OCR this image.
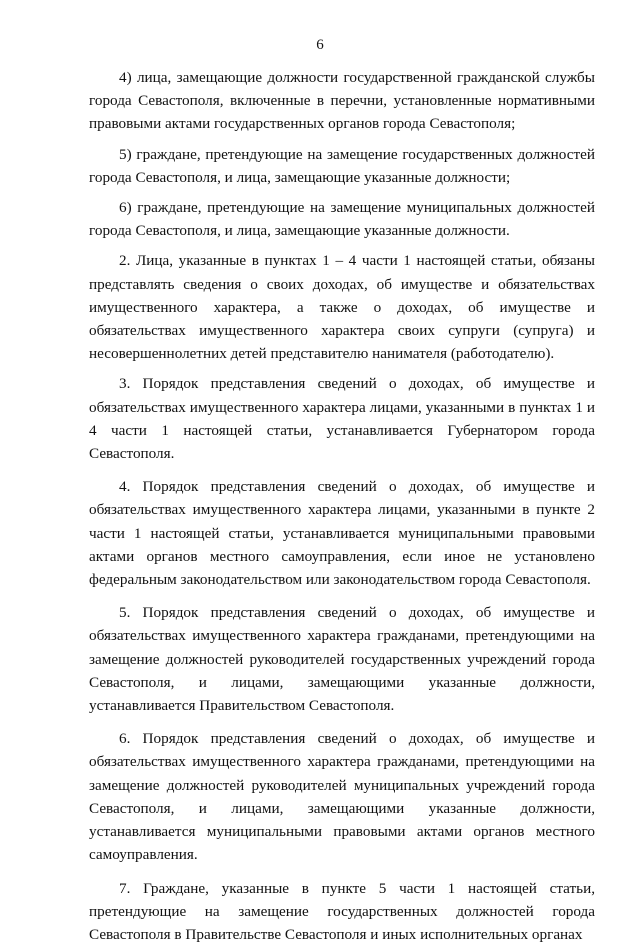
6

4) лица, замещающие должности государственной гражданской службы города Севастополя, включенные в перечни, установленные нормативными правовыми актами государственных органов города Севастополя;

5) граждане, претендующие на замещение государственных должностей города Севастополя, и лица, замещающие указанные должности;

6) граждане, претендующие на замещение муниципальных должностей города Севастополя, и лица, замещающие указанные должности.

2. Лица, указанные в пунктах 1 – 4 части 1 настоящей статьи, обязаны представлять сведения о своих доходах, об имуществе и обязательствах имущественного характера, а также о доходах, об имуществе и обязательствах имущественного характера своих супруги (супруга) и несовершеннолетних детей представителю нанимателя (работодателю).

3. Порядок представления сведений о доходах, об имуществе и обязательствах имущественного характера лицами, указанными в пунктах 1 и 4 части 1 настоящей статьи, устанавливается Губернатором города Севастополя.

4. Порядок представления сведений о доходах, об имуществе и обязательствах имущественного характера лицами, указанными в пункте 2 части 1 настоящей статьи, устанавливается муниципальными правовыми актами органов местного самоуправления, если иное не установлено федеральным законодательством или законодательством города Севастополя.

5. Порядок представления сведений о доходах, об имуществе и обязательствах имущественного характера гражданами, претендующими на замещение должностей руководителей государственных учреждений города Севастополя, и лицами, замещающими указанные должности, устанавливается Правительством Севастополя.

6. Порядок представления сведений о доходах, об имуществе и обязательствах имущественного характера гражданами, претендующими на замещение должностей руководителей муниципальных учреждений города Севастополя, и лицами, замещающими указанные должности, устанавливается муниципальными правовыми актами органов местного самоуправления.

7. Граждане, указанные в пункте 5 части 1 настоящей статьи, претендующие на замещение государственных должностей города Севастополя в Правительстве Севастополя и иных исполнительных органах
